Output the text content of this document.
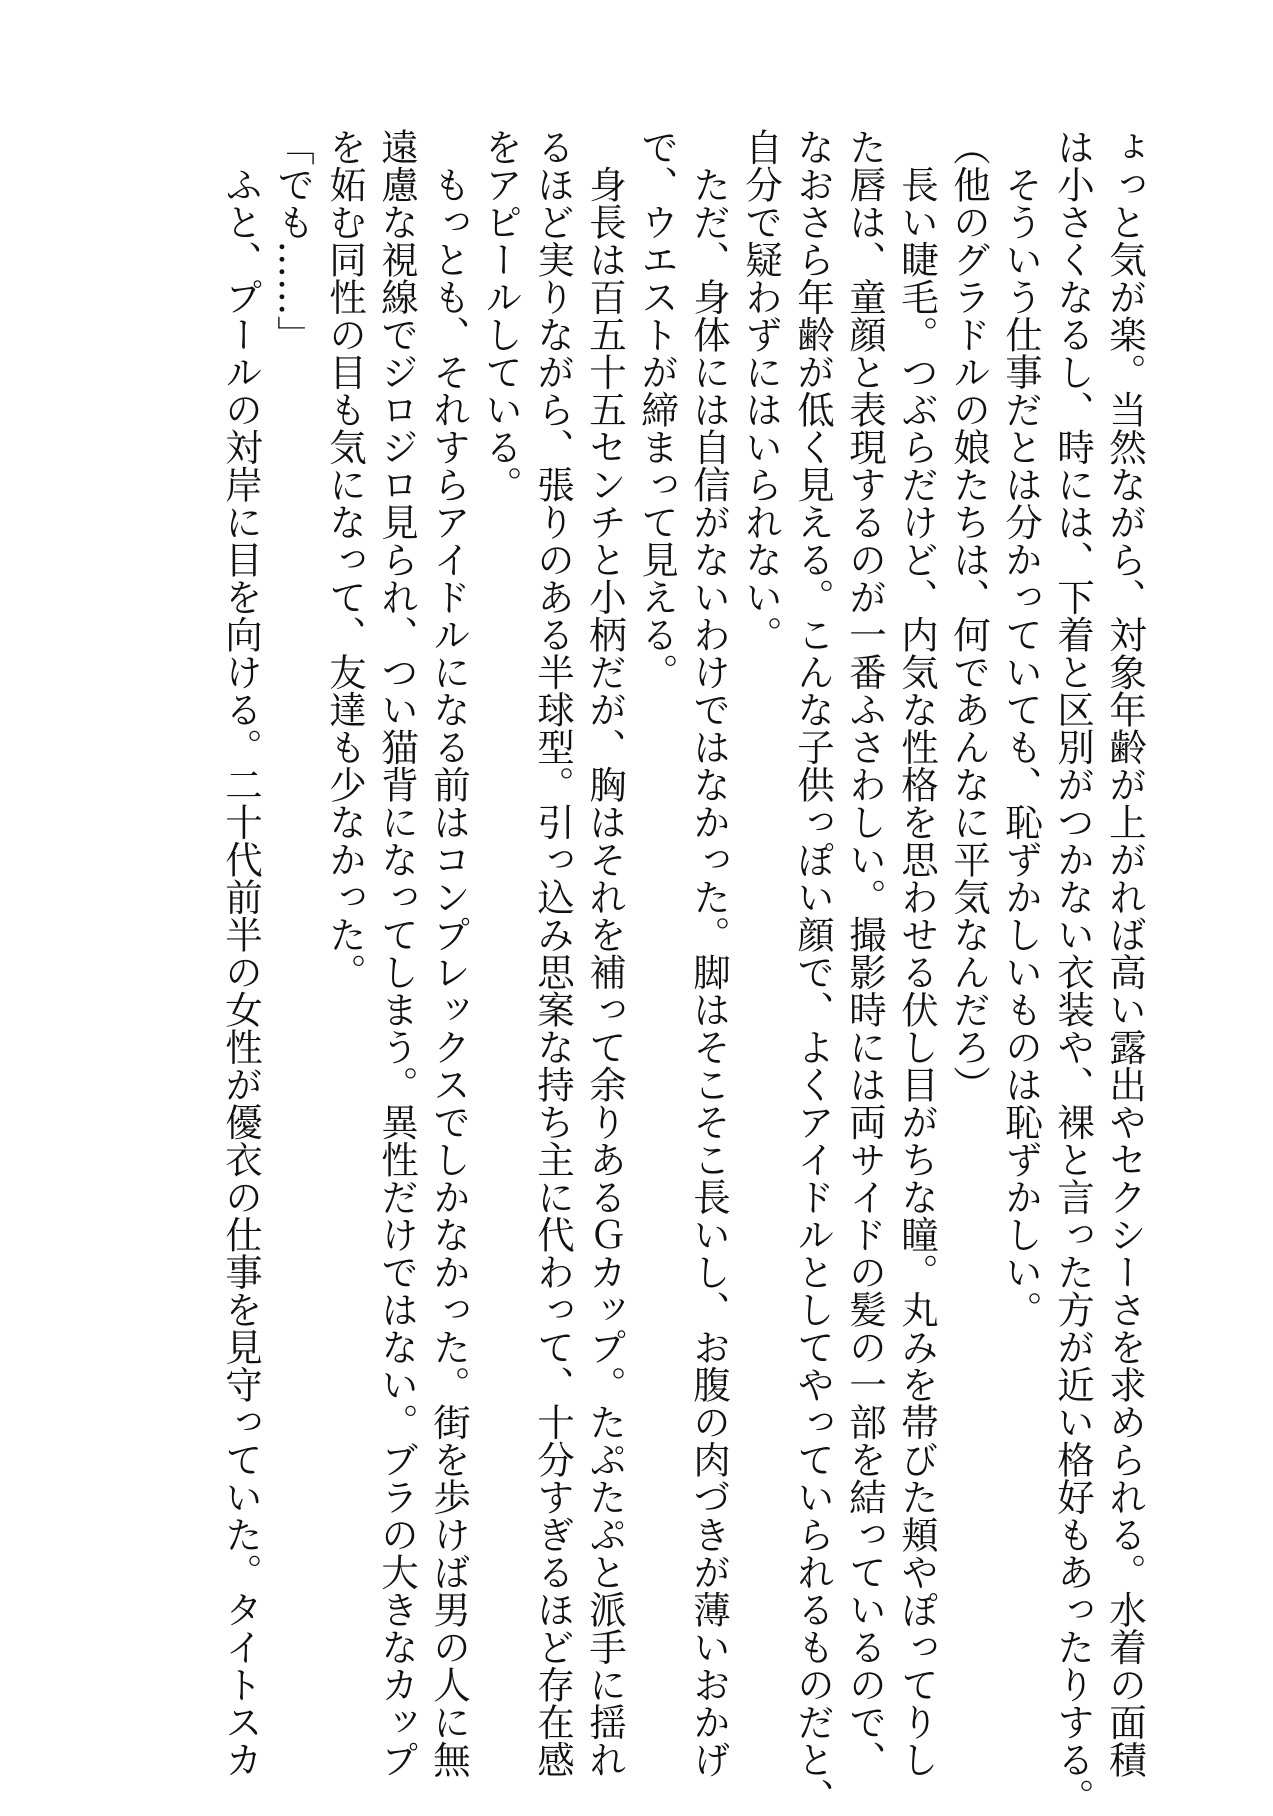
ょっと気が楽。当然ながら、対象年齢が上がれば高い露出やセクシーさを求められる。水着の面積
は小さくなるし、時には、下着と区別がつかない衣装や、裸と言った方が近い格好もあったりする。
　そういう仕事だとは分かっていても、恥ずかしいものは恥ずかしい。
（他のグラドルの娘たちは、何であんなに平気なんだろ）
　長い睫毛。つぶらだけど、内気な性格を思わせる伏し目がちな瞳。丸みを帯びた頬やぽってりし
た唇は、童顔と表現するのが一番ふさわしい。撮影時には両サイドの髪の一部を結っているので、
なおさら年齢が低く見える。こんな子供っぽい顔で、よくアイドルとしてやっていられるものだと、
自分で疑わずにはいられない。
　ただ、身体には自信がないわけではなかった。脚はそこそこ長いし、お腹の肉づきが薄いおかげ
で、ウエストが締まって見える。
　身長は百五十五センチと小柄だが、胸はそれを補って余りあるＧカップ。たぷたぷと派手に揺れ
るほど実りながら、張りのある半球型。引っ込み思案な持ち主に代わって、十分すぎるほど存在感
をアピールしている。
　もっとも、それすらアイドルになる前はコンプレックスでしかなかった。街を歩けば男の人に無
遠慮な視線でジロジロ見られ、つい猫背になってしまう。異性だけではない。ブラの大きなカップ
を妬む同性の目も気になって、友達も少なかった。
「でも……」
　ふと、プールの対岸に目を向ける。二十代前半の女性が優衣の仕事を見守っていた。タイトスカ
